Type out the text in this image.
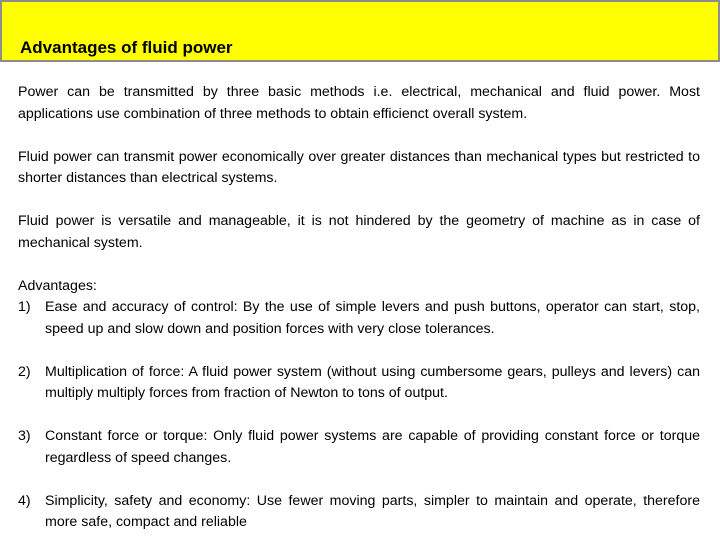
Advantages of fluid power

Power can be transmitted by three basic methods i.e. electrical, mechanical and fluid power. Most applications use combination of three methods to obtain efficienct overall system.

Fluid power can transmit power economically over greater distances than mechanical types but restricted to shorter distances than electrical systems.

Fluid power is versatile and manageable, it is not hindered by the geometry of machine as in case of mechanical system.

Advantages:

1)	Ease and accuracy of control: By the use of simple levers and push buttons, operator can start, stop, speed up and slow down and position forces with very close tolerances.
2)	Multiplication of force: A fluid power system (without using cumbersome gears, pulleys and levers) can multiply multiply forces from fraction of Newton to tons of output.
3)	Constant force or torque: Only fluid power systems are capable of providing constant force or torque regardless of speed changes.
4)	Simplicity, safety and economy: Use fewer moving parts, simpler to maintain and operate, therefore more safe, compact and reliable
